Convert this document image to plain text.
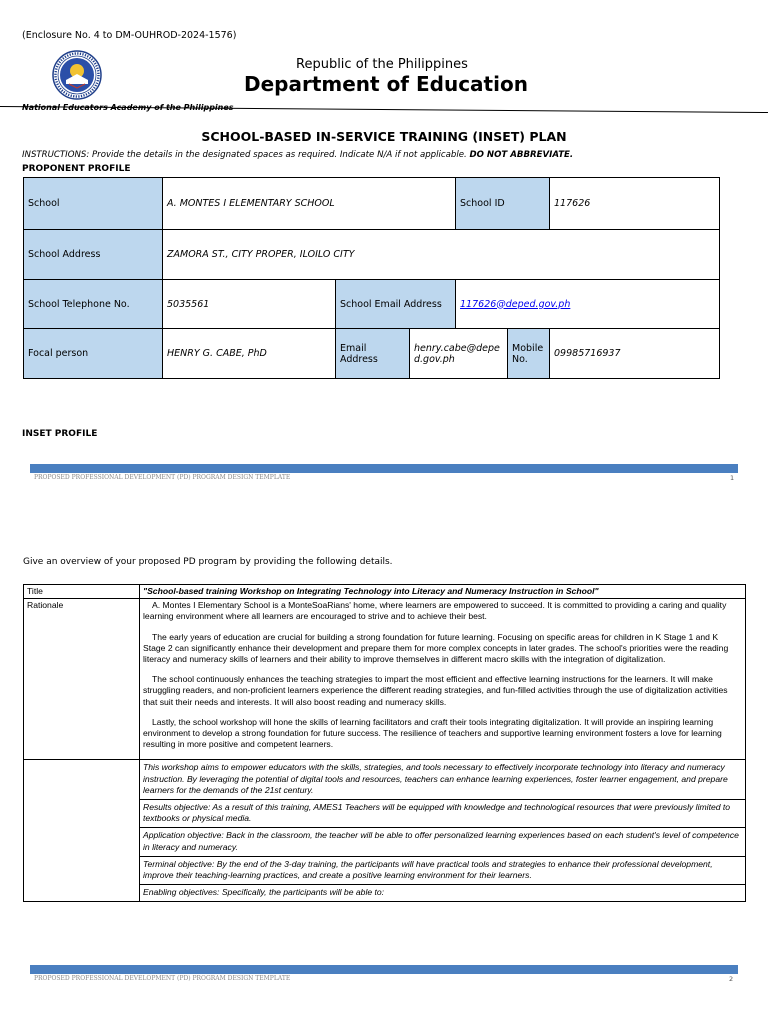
(Enclosure No. 4 to DM-OUHROD-2024-1576)
Republic of the Philippines
Department of Education
National Educators Academy of the Philippines
SCHOOL-BASED IN-SERVICE TRAINING (INSET) PLAN
INSTRUCTIONS: Provide the details in the designated spaces as required. Indicate N/A if not applicable. DO NOT ABBREVIATE.
PROPONENT PROFILE
School	A. MONTES I ELEMENTARY SCHOOL			School ID		117626
School Address	ZAMORA ST., CITY PROPER, ILOILO CITY					
School Telephone No.	5035561	School Email Address		117626@deped.gov.ph		
Focal person	HENRY G. CABE, PhD	Email Address	henry.cabe@deped.gov.ph		Mobile No.	09985716937
INSET PROFILE
PROPOSED PROFESSIONAL DEVELOPMENT (PD) PROGRAM DESIGN TEMPLATE	1
Give an overview of your proposed PD program by providing the following details.
Title	"School-based training Workshop on Integrating Technology into Literacy and Numeracy Instruction in School"
Rationale	A. Montes I Elementary School is a MonteSoaRians' home, where learners are empowered to succeed. It is committed to providing a caring and quality learning environment where all learners are encouraged to strive and to achieve their best.

The early years of education are crucial for building a strong foundation for future learning. Focusing on specific areas for children in K Stage 1 and K Stage 2 can significantly enhance their development and prepare them for more complex concepts in later grades. The school's priorities were the reading literacy and numeracy skills of learners and their ability to improve themselves in different macro skills with the integration of digitalization.

The school continuously enhances the teaching strategies to impart the most efficient and effective learning instructions for the learners. It will make struggling readers, and non-proficient learners experience the different reading strategies, and fun-filled activities through the use of digitalization activities that suit their needs and interests. It will also boost reading and numeracy skills.

Lastly, the school workshop will hone the skills of learning facilitators and craft their tools integrating digitalization. It will provide an inspiring learning environment to develop a strong foundation for future success. The resilience of teachers and supportive learning environment fosters a love for learning resulting in more positive and competent learners.

	This workshop aims to empower educators with the skills, strategies, and tools necessary to effectively incorporate technology into literacy and numeracy instruction. By leveraging the potential of digital tools and resources, teachers can enhance learning experiences, foster learner engagement, and prepare learners for the demands of the 21st century.
Results objective: As a result of this training, AMES1 Teachers will be equipped with knowledge and technological resources that were previously limited to textbooks or physical media.
Application objective: Back in the classroom, the teacher will be able to offer personalized learning experiences based on each student's level of competence in literacy and numeracy.
Terminal objective: By the end of the 3-day training, the participants will have practical tools and strategies to enhance their professional development, improve their teaching-learning practices, and create a positive learning environment for their learners.
Enabling objectives: Specifically, the participants will be able to:
PROPOSED PROFESSIONAL DEVELOPMENT (PD) PROGRAM DESIGN TEMPLATE	2
